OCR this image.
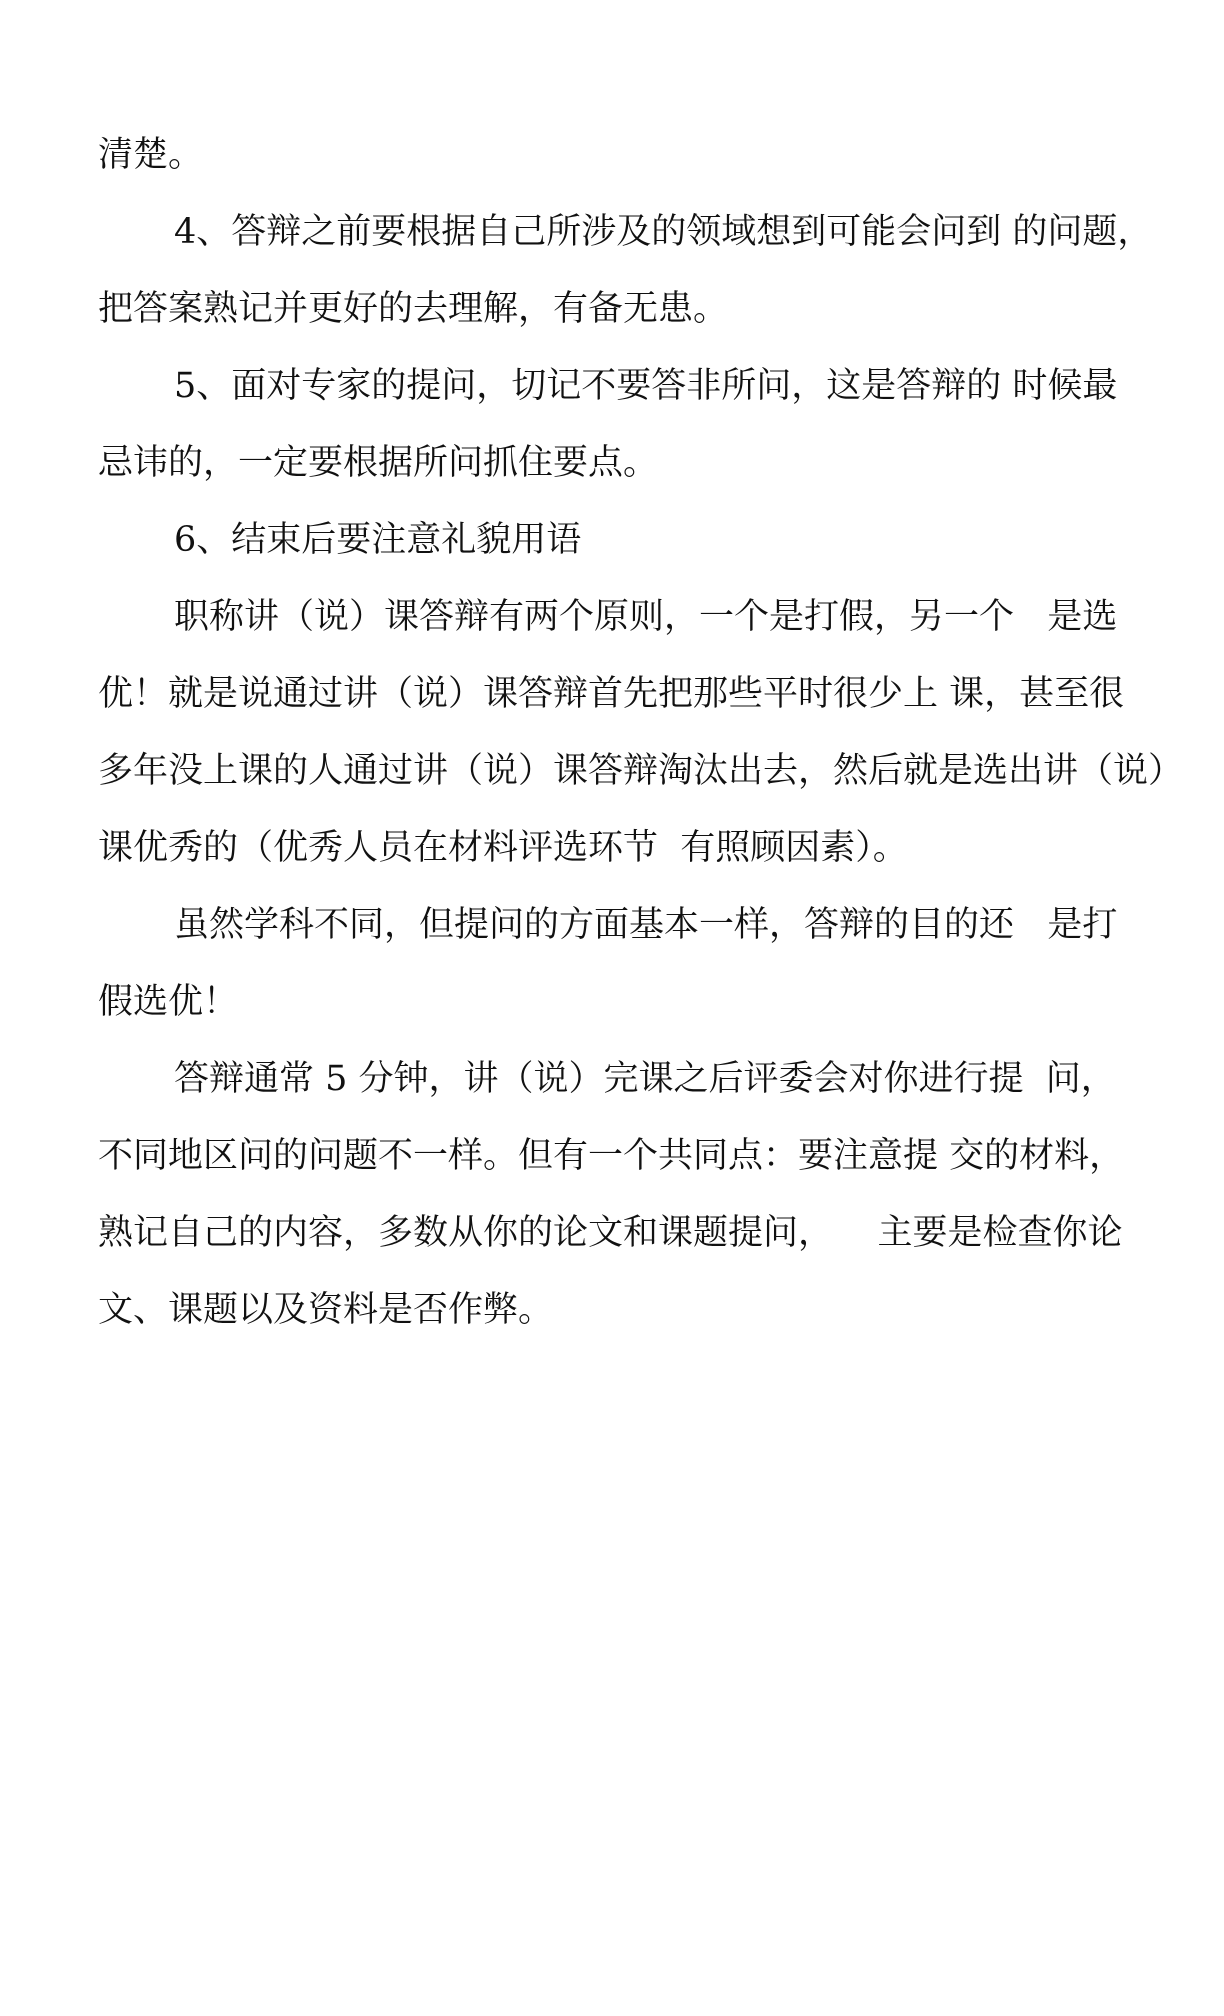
清楚。
4、答辩之前要根据自己所涉及的领域想到可能会问到 的问题，
把答案熟记并更好的去理解，有备无患。
5、面对专家的提问，切记不要答非所问，这是答辩的 时候最
忌讳的，一定要根据所问抓住要点。
6、结束后要注意礼貌用语
职称讲（说）课答辩有两个原则，一个是打假，另一个   是选
优！就是说通过讲（说）课答辩首先把那些平时很少上 课，甚至很
多年没上课的人通过讲（说）课答辩淘汰出去，然后就是选出讲（说）
课优秀的（优秀人员在材料评选环节  有照顾因素）。
虽然学科不同，但提问的方面基本一样，答辩的目的还   是打
假选优！
答辩通常 5 分钟，讲（说）完课之后评委会对你进行提  问，
不同地区问的问题不一样。但有一个共同点：要注意提 交的材料，
熟记自己的内容，多数从你的论文和课题提问，    主要是检查你论
文、课题以及资料是否作弊。
